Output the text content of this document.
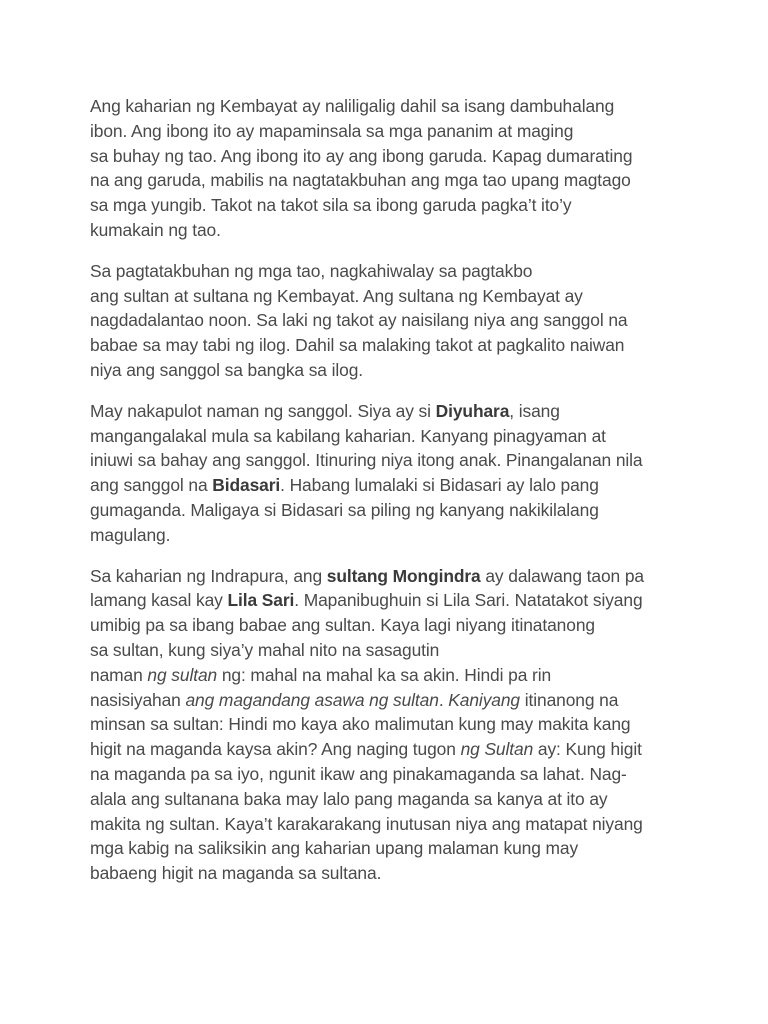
Ang kaharian ng Kembayat ay naliligalig dahil sa isang dambuhalang
ibon. Ang ibong ito ay mapaminsala sa mga pananim at maging
sa buhay ng tao. Ang ibong ito ay ang ibong garuda. Kapag dumarating
na ang garuda, mabilis na nagtatakbuhan ang mga tao upang magtago
sa mga yungib. Takot na takot sila sa ibong garuda pagka’t ito’y
kumakain ng tao.

Sa pagtatakbuhan ng mga tao, nagkahiwalay sa pagtakbo
ang sultan at sultana ng Kembayat. Ang sultana ng Kembayat ay
nagdadalantao noon. Sa laki ng takot ay naisilang niya ang sanggol na
babae sa may tabi ng ilog. Dahil sa malaking takot at pagkalito naiwan
niya ang sanggol sa bangka sa ilog.

May nakapulot naman ng sanggol. Siya ay si Diyuhara, isang
mangangalakal mula sa kabilang kaharian. Kanyang pinagyaman at
iniuwi sa bahay ang sanggol. Itinuring niya itong anak. Pinangalanan nila
ang sanggol na Bidasari. Habang lumalaki si Bidasari ay lalo pang
gumaganda. Maligaya si Bidasari sa piling ng kanyang nakikilalang
magulang.

Sa kaharian ng Indrapura, ang sultang Mongindra ay dalawang taon pa
lamang kasal kay Lila Sari. Mapanibughuin si Lila Sari. Natatakot siyang
umibig pa sa ibang babae ang sultan. Kaya lagi niyang itinatanong
sa sultan, kung siya’y mahal nito na sasagutin
naman ng sultan ng: mahal na mahal ka sa akin. Hindi pa rin
nasisiyahan ang magandang asawa ng sultan. Kaniyang itinanong na
minsan sa sultan: Hindi mo kaya ako malimutan kung may makita kang
higit na maganda kaysa akin? Ang naging tugon ng Sultan ay: Kung higit
na maganda pa sa iyo, ngunit ikaw ang pinakamaganda sa lahat. Nag-
alala ang sultanana baka may lalo pang maganda sa kanya at ito ay
makita ng sultan. Kaya’t karakarakang inutusan niya ang matapat niyang
mga kabig na saliksikin ang kaharian upang malaman kung may
babaeng higit na maganda sa sultana.
